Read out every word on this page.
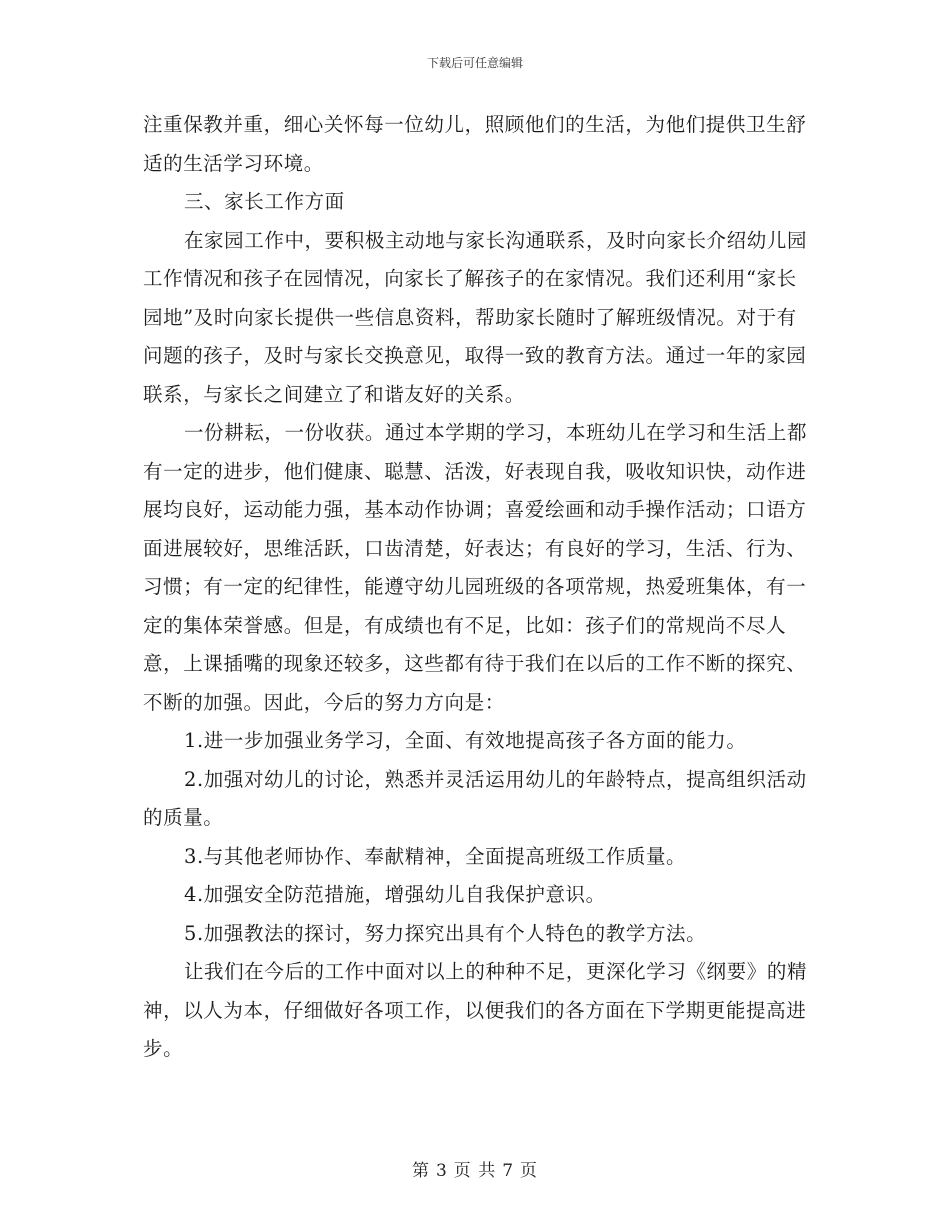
下载后可任意编辑

注重保教并重，细心关怀每一位幼儿，照顾他们的生活，为他们提供卫生舒适的生活学习环境。

三、家长工作方面

在家园工作中，要积极主动地与家长沟通联系，及时向家长介绍幼儿园工作情况和孩子在园情况，向家长了解孩子的在家情况。我们还利用“家长园地”及时向家长提供一些信息资料，帮助家长随时了解班级情况。对于有问题的孩子，及时与家长交换意见，取得一致的教育方法。通过一年的家园联系，与家长之间建立了和谐友好的关系。

一份耕耘，一份收获。通过本学期的学习，本班幼儿在学习和生活上都有一定的进步，他们健康、聪慧、活泼，好表现自我，吸收知识快，动作进展均良好，运动能力强，基本动作协调；喜爱绘画和动手操作活动；口语方面进展较好，思维活跃，口齿清楚，好表达；有良好的学习，生活、行为、习惯；有一定的纪律性，能遵守幼儿园班级的各项常规，热爱班集体，有一定的集体荣誉感。但是，有成绩也有不足，比如：孩子们的常规尚不尽人意，上课插嘴的现象还较多，这些都有待于我们在以后的工作不断的探究、不断的加强。因此，今后的努力方向是：

1.进一步加强业务学习，全面、有效地提高孩子各方面的能力。

2.加强对幼儿的讨论，熟悉并灵活运用幼儿的年龄特点，提高组织活动的质量。

3.与其他老师协作、奉献精神，全面提高班级工作质量。

4.加强安全防范措施，增强幼儿自我保护意识。

5.加强教法的探讨，努力探究出具有个人特色的教学方法。

让我们在今后的工作中面对以上的种种不足，更深化学习《纲要》的精神，以人为本，仔细做好各项工作，以便我们的各方面在下学期更能提高进步。

第 3 页 共 7 页
